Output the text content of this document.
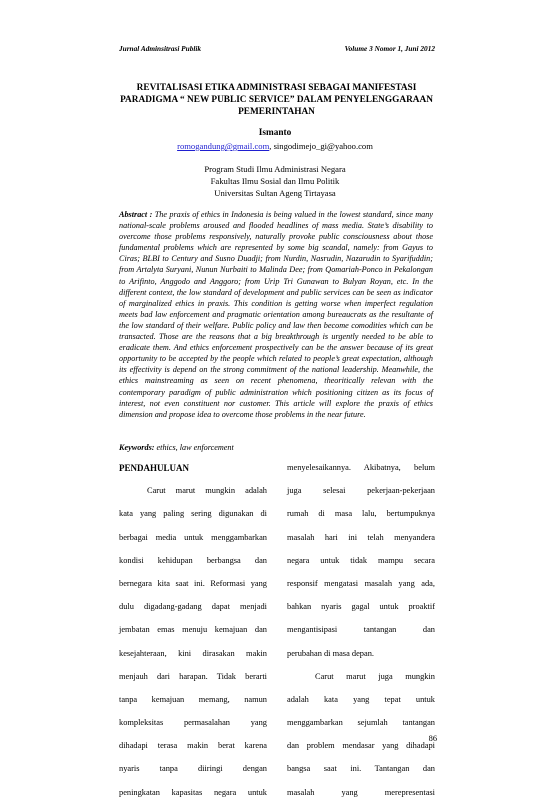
Jurnal Adminsitrasi Publik	Volume 3 Nomor 1, Juni 2012
REVITALISASI ETIKA ADMINISTRASI SEBAGAI MANIFESTASI
PARADIGMA “ NEW PUBLIC SERVICE” DALAM PENYELENGGARAAN
PEMERINTAHAN
Ismanto
romogandung@gmail.com, singodimejo_gi@yahoo.com
Program Studi Ilmu Administrasi Negara
Fakultas Ilmu Sosial dan Ilmu Politik
Universitas Sultan Ageng Tirtayasa
Abstract : The praxis of ethics in Indonesia is being valued in the lowest standard, since many national-scale problems aroused and flooded headlines of mass media. State’s disability to overcome those problems responsively, naturally provoke public consciousness about those fundamental problems which are represented by some big scandal, namely: from Gayus to Ciras; BLBI to Century and Susno Duadji; from Nurdin, Nasrudin, Nazarudin to Syarifuddin; from Artalyta Suryani, Nunun Nurbaiti to Malinda Dee; from Qomariah-Ponco in Pekalongan to Arifinto, Anggodo and Anggoro; from Urip Tri Gunawan to Bulyan Royan, etc. In the different context, the low standard of development and public services can be seen as indicator of marginalized ethics in praxis. This condition is getting worse when imperfect regulation meets bad law enforcement and pragmatic orientation among bureaucrats as the resultante of the low standard of their welfare. Public policy and law then become comodities which can be transacted. Those are the reasons that a big breakthrough is urgently needed to be able to eradicate them. And ethics enforcement prospectively can be the answer because of its great opportunity to be accepted by the people which related to people’s great expectation, although its effectivity is depend on the strong commitment of the national leadership. Meanwhile, the ethics mainstreaming as seen on recent phenomena, theoritically relevan with the contemporary paradigm of public administration which positioning citizen as its focus of interest, not even constituent nor customer. This article will explore the praxis of ethics dimension and propose idea to overcome those problems in the near future.
Keywords: ethics, law enforcement
PENDAHULUAN
Carut marut mungkin adalah
kata yang paling sering digunakan di
berbagai media untuk menggambarkan
kondisi kehidupan berbangsa dan
bernegara kita saat ini. Reformasi yang
dulu digadang-gadang dapat menjadi
jembatan emas menuju kemajuan dan
kesejahteraan, kini dirasakan makin
menjauh dari harapan. Tidak berarti
tanpa kemajuan memang, namun
kompleksitas permasalahan yang
dihadapi terasa makin berat karena
nyaris tanpa diiringi dengan
peningkatan kapasitas negara untuk
menyelesaikannya. Akibatnya, belum
juga selesai pekerjaan-pekerjaan
rumah di masa lalu, bertumpuknya
masalah hari ini telah menyandera
negara untuk tidak mampu secara
responsif mengatasi masalah yang ada,
bahkan nyaris gagal untuk proaktif
mengantisipasi tantangan dan
perubahan di masa depan.
Carut marut juga mungkin
adalah kata yang tepat untuk
menggambarkan sejumlah tantangan
dan problem mendasar yang dihadapi
bangsa saat ini. Tantangan dan
masalah yang merepresentasi
86
